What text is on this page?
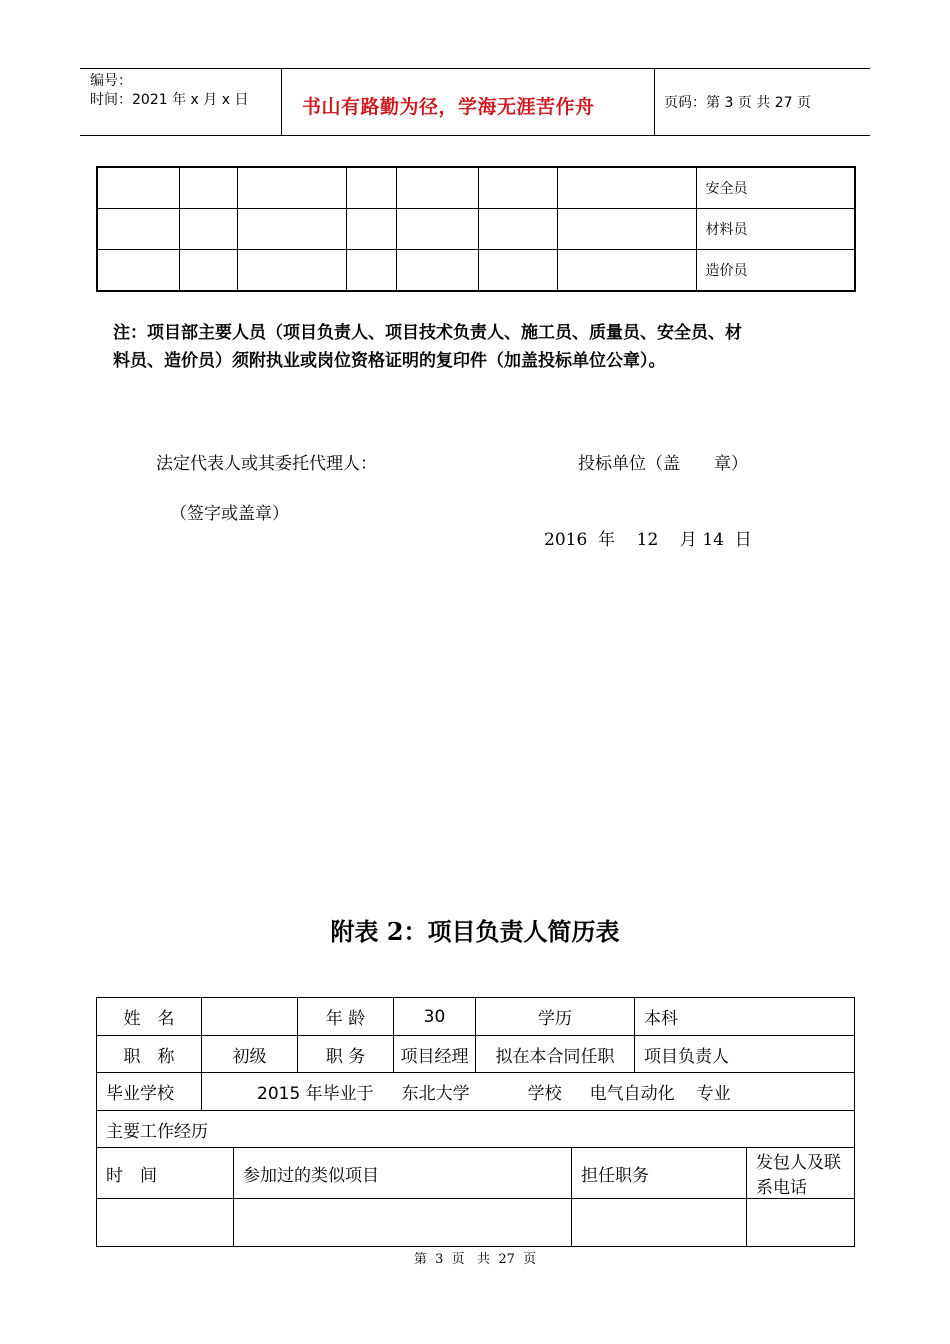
编号：
时间：2021 年 x 月 x 日	书山有路勤为径，学海无涯苦作舟	页码：第 3 页 共 27 页
							安全员
							材料员
							造价员
注：项目部主要人员（项目负责人、项目技术负责人、施工员、质量员、安全员、材
料员、造价员）须附执业或岗位资格证明的复印件（加盖投标单位公章）。
法定代表人或其委托代理人：	投标单位（盖　　章）
（签字或盖章）
2016  年    12    月 14  日
附表 2：项目负责人简历表
姓　名			年 龄	30	学历		本科	
职　称	初级		职 务	项目经理	拟在本合同任职		项目负责人	
毕业学校	2015 年毕业于 东北大学 学校 电气自动化 专业							
主要工作经历								
时　间		参加过的类似项目				担任职务		发包人及联系电话

第  3  页   共  27  页
